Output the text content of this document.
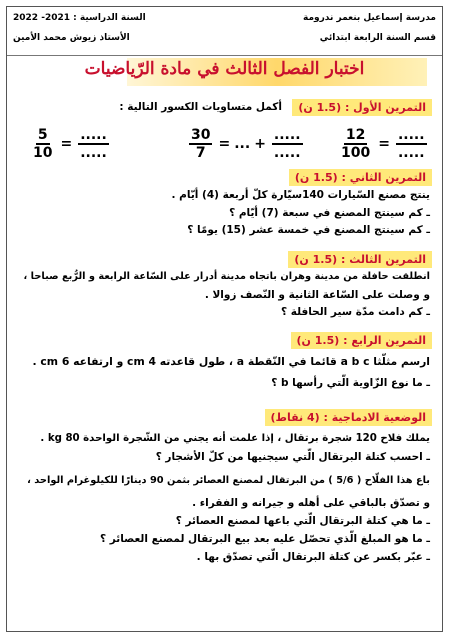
مدرسة إسماعيل بنعمر ندرومة
السنة الدراسية : 2021- 2022
قسم السنة الرابعة ابتدائي
الأستاذ زيوش محمد الأمين
اختبار الفصل الثالث في مادة الرّياضيات
التمرين الأول : (1.5 ن)
أكمل متساويات الكسور التالية :
$\frac{12}{100}$ =
.....
.....
$\frac{30}{7}$ = ... +
.....
.....
$\frac{5}{10}$ =
.....
.....
التمرين الثاني : (1.5 ن)
ينتج مصنع السّيارات 140سيّارة كلّ أربعة (4) أيّام .
ـ كم سينتج المصنع في سبعة (7) أيّام ؟
ـ كم سينتج المصنع في خمسة عشر (15) يومًا ؟
التمرين الثالث : (1.5 ن)
انطلقت حافلة من مدينة وهران باتجاه مدينة أدرار على السّاعة الرابعة و الرُّبع صباحا ،
و وصلت على السّاعة الثانية و النّصف زوالا .
ـ كم دامت مدّة سير الحافلة ؟
التمرين الرابع : (1.5 ن)
ارسم مثلّثا a b c قائما في النّقطة a ، طول قاعدته 4 cm و ارتفاعه 6 cm .
ـ ما نوع الزّاوية الّتي رأسها b ؟
الوضعية الادماجية : (4 نقاط)
يملك فلاح 120 شجرة برتقال ، إذا علمت أنه يجني من الشّجرة الواحدة 80 kg .
ـ احسب كتلة البرتقال الّتي سيجنيها من كلّ الأشجار ؟
باع هذا الفلّاح ( 5/6 ) من البرتقال لمصنع العصائر بثمن 90 دينارًا للكيلوغرام الواحد ،
و تصدّق بالباقي على أهله و جيرانه و الفقراء .
ـ ما هي كتلة البرتقال الّتي باعها لمصنع العصائر ؟
ـ ما هو المبلغ الّذي تحصّل عليه بعد بيع البرتقال لمصنع العصائر ؟
ـ عبّر بكسر عن كتلة البرتقال الّتي تصدّق بها .
